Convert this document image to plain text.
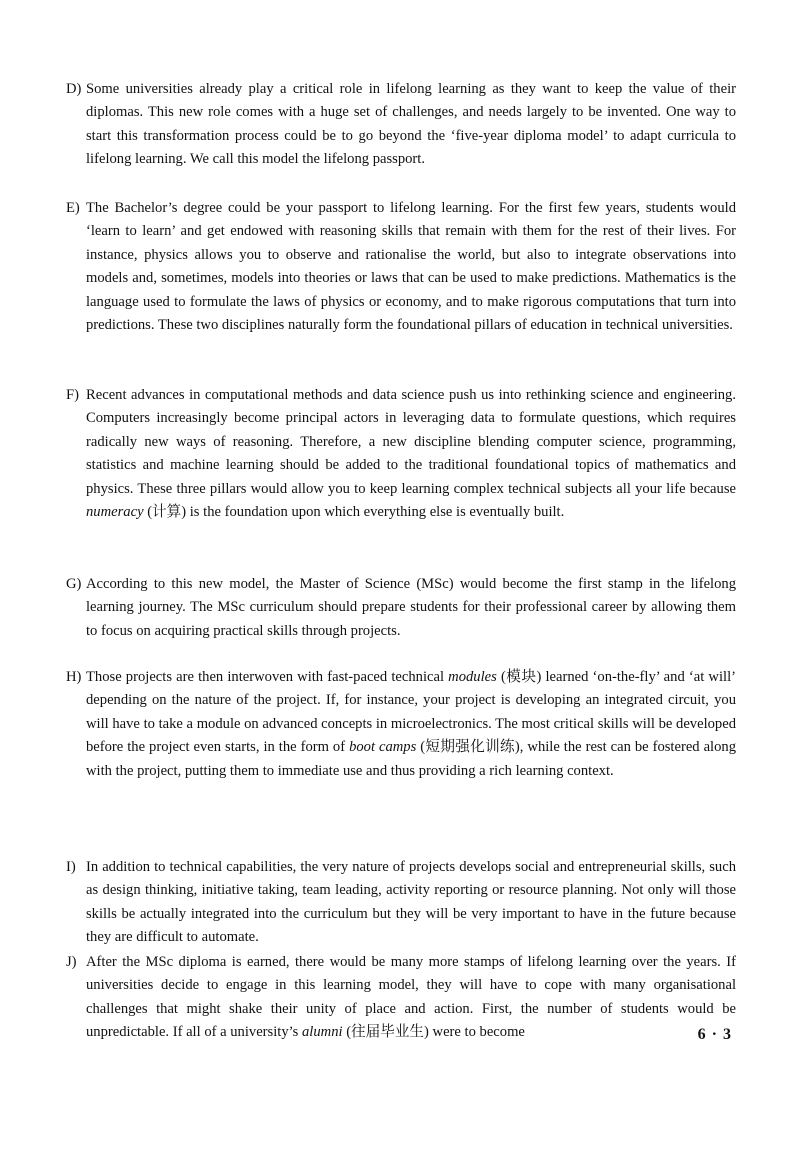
D) Some universities already play a critical role in lifelong learning as they want to keep the value of their diplomas. This new role comes with a huge set of challenges, and needs largely to be invented. One way to start this transformation process could be to go beyond the ‘five-year diploma model’ to adapt curricula to lifelong learning. We call this model the lifelong passport.
E) The Bachelor’s degree could be your passport to lifelong learning. For the first few years, students would ‘learn to learn’ and get endowed with reasoning skills that remain with them for the rest of their lives. For instance, physics allows you to observe and rationalise the world, but also to integrate observations into models and, sometimes, models into theories or laws that can be used to make predictions. Mathematics is the language used to formulate the laws of physics or economy, and to make rigorous computations that turn into predictions. These two disciplines naturally form the foundational pillars of education in technical universities.
F) Recent advances in computational methods and data science push us into rethinking science and engineering. Computers increasingly become principal actors in leveraging data to formulate questions, which requires radically new ways of reasoning. Therefore, a new discipline blending computer science, programming, statistics and machine learning should be added to the traditional foundational topics of mathematics and physics. These three pillars would allow you to keep learning complex technical subjects all your life because numeracy (计算) is the foundation upon which everything else is eventually built.
G) According to this new model, the Master of Science (MSc) would become the first stamp in the lifelong learning journey. The MSc curriculum should prepare students for their professional career by allowing them to focus on acquiring practical skills through projects.
H) Those projects are then interwoven with fast-paced technical modules (模块) learned ‘on-the-fly’ and ‘at will’ depending on the nature of the project. If, for instance, your project is developing an integrated circuit, you will have to take a module on advanced concepts in microelectronics. The most critical skills will be developed before the project even starts, in the form of boot camps (短期强化训练), while the rest can be fostered along with the project, putting them to immediate use and thus providing a rich learning context.
I) In addition to technical capabilities, the very nature of projects develops social and entrepreneurial skills, such as design thinking, initiative taking, team leading, activity reporting or resource planning. Not only will those skills be actually integrated into the curriculum but they will be very important to have in the future because they are difficult to automate.
J) After the MSc diploma is earned, there would be many more stamps of lifelong learning over the years. If universities decide to engage in this learning model, they will have to cope with many organisational challenges that might shake their unity of place and action. First, the number of students would be unpredictable. If all of a university’s alumni (往届毕业生) were to become	6 · 3
